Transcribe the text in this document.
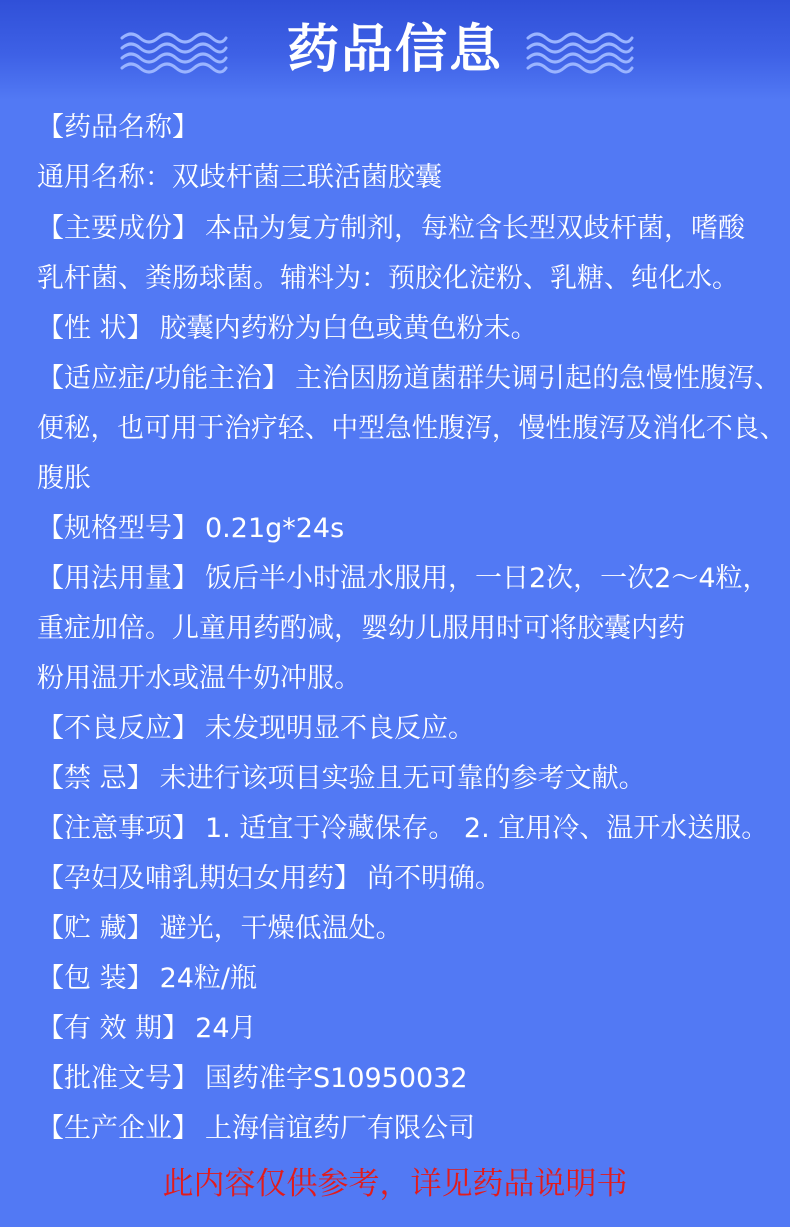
药品信息
【药品名称】
通用名称：双歧杆菌三联活菌胶囊
【主要成份】 本品为复方制剂，每粒含长型双歧杆菌，嗜酸
乳杆菌、粪肠球菌。辅料为：预胶化淀粉、乳糖、纯化水。
【性 状】 胶囊内药粉为白色或黄色粉末。
【适应症/功能主治】 主治因肠道菌群失调引起的急慢性腹泻、
便秘，也可用于治疗轻、中型急性腹泻，慢性腹泻及消化不良、
腹胀
【规格型号】 0.21g*24s
【用法用量】 饭后半小时温水服用，一日2次，一次2～4粒，
重症加倍。儿童用药酌减，婴幼儿服用时可将胶囊内药
粉用温开水或温牛奶冲服。
【不良反应】 未发现明显不良反应。
【禁 忌】 未进行该项目实验且无可靠的参考文献。
【注意事项】 1. 适宜于冷藏保存。 2. 宜用冷、温开水送服。
【孕妇及哺乳期妇女用药】 尚不明确。
【贮 藏】 避光，干燥低温处。
【包 装】 24粒/瓶
【有 效 期】 24月
【批准文号】 国药准字S10950032
【生产企业】 上海信谊药厂有限公司
此内容仅供参考，详见药品说明书
